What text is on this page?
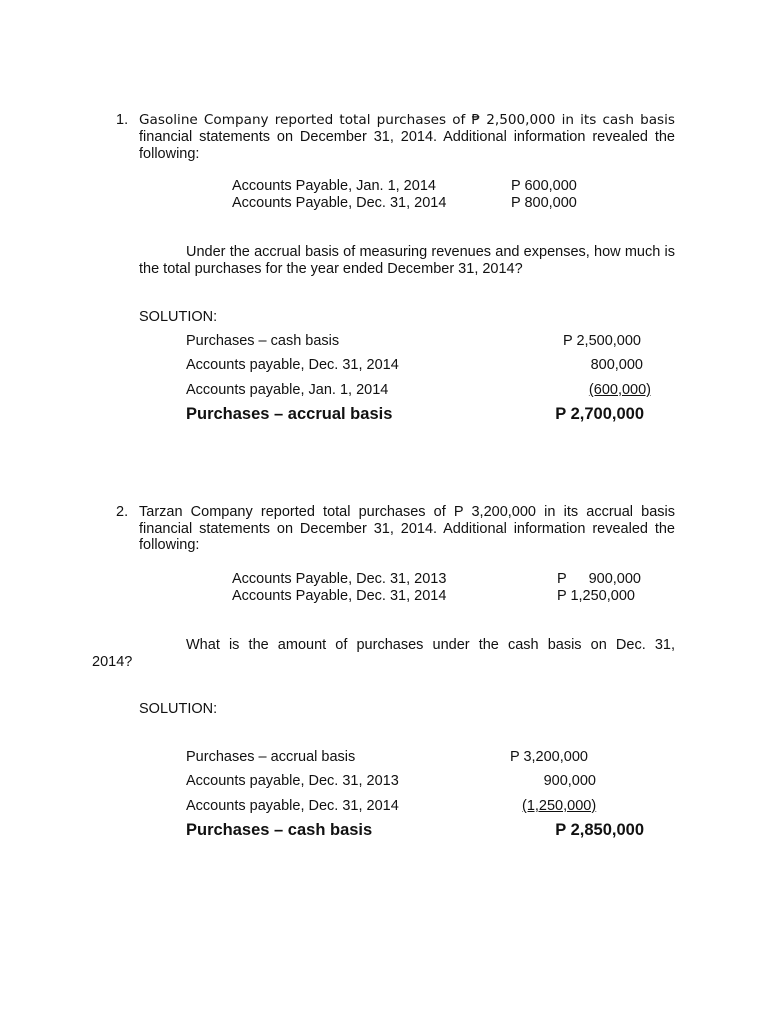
1. Gasoline Company reported total purchases of ₱ 2,500,000 in its cash basis
financial statements on December 31, 2014. Additional information revealed the following:
Accounts Payable, Jan. 1, 2014	P 600,000
Accounts Payable, Dec. 31, 2014	P 800,000
Under the accrual basis of measuring revenues and expenses, how much is the total purchases for the year ended December 31, 2014?
SOLUTION:
Purchases – cash basis	P 2,500,000
Accounts payable, Dec. 31, 2014	800,000
Accounts payable, Jan. 1, 2014	(600,000)
Purchases – accrual basis	P 2,700,000
2. Tarzan Company reported total purchases of P 3,200,000 in its accrual basis financial statements on December 31, 2014. Additional information revealed the following:
Accounts Payable, Dec. 31, 2013	P	900,000
Accounts Payable, Dec. 31, 2014	P 1,250,000
What is the amount of purchases under the cash basis on Dec. 31,
2014?
SOLUTION:
Purchases – accrual basis	P 3,200,000
Accounts payable, Dec. 31, 2013	900,000
Accounts payable, Dec. 31, 2014	(1,250,000)
Purchases – cash basis	P 2,850,000
